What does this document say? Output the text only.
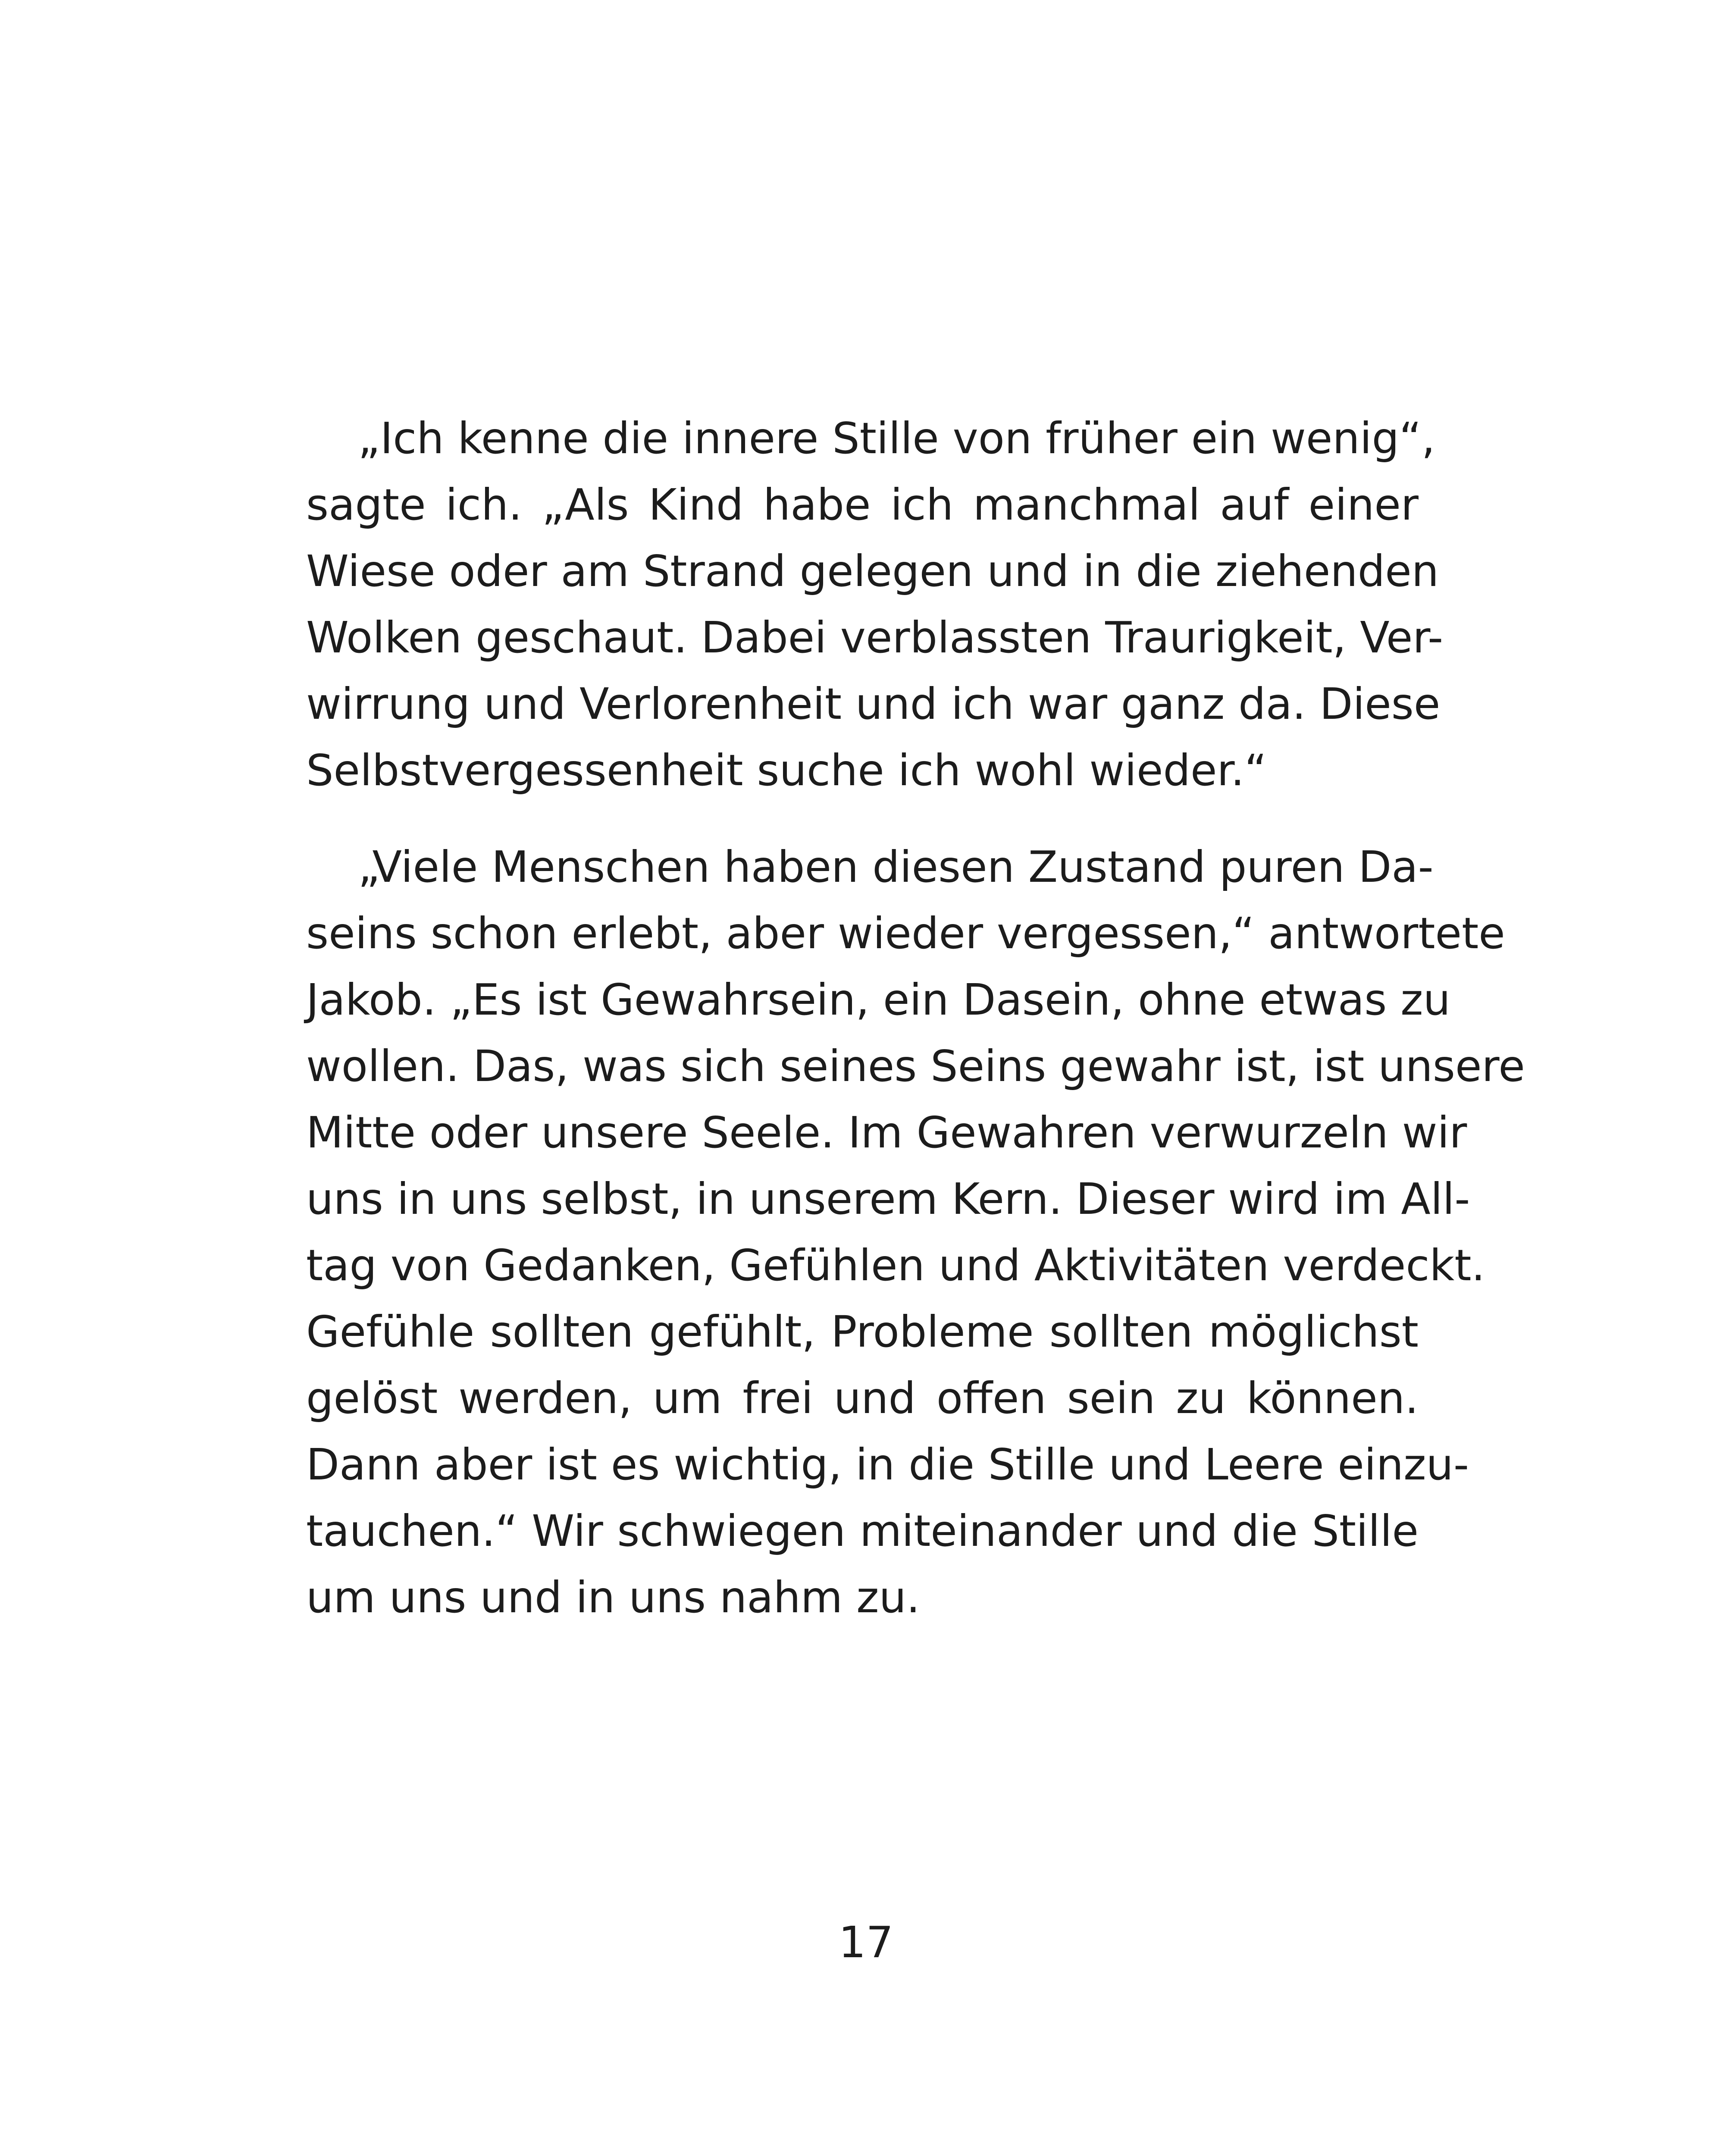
„Ich kenne die innere Stille von früher ein wenig“,
sagte ich. „Als Kind habe ich manchmal auf einer
Wiese oder am Strand gelegen und in die ziehenden
Wolken geschaut. Dabei verblassten Traurigkeit, Ver-
wirrung und Verlorenheit und ich war ganz da. Diese
Selbstvergessenheit suche ich wohl wieder.“

„Viele Menschen haben diesen Zustand puren Da-
seins schon erlebt, aber wieder vergessen,“ antwortete
Jakob. „Es ist Gewahrsein, ein Dasein, ohne etwas zu
wollen. Das, was sich seines Seins gewahr ist, ist unsere
Mitte oder unsere Seele. Im Gewahren verwurzeln wir
uns in uns selbst, in unserem Kern. Dieser wird im All-
tag von Gedanken, Gefühlen und Aktivitäten verdeckt.
Gefühle sollten gefühlt, Probleme sollten möglichst
gelöst werden, um frei und offen sein zu können.
Dann aber ist es wichtig, in die Stille und Leere einzu-
tauchen.“ Wir schwiegen miteinander und die Stille
um uns und in uns nahm zu.

17
